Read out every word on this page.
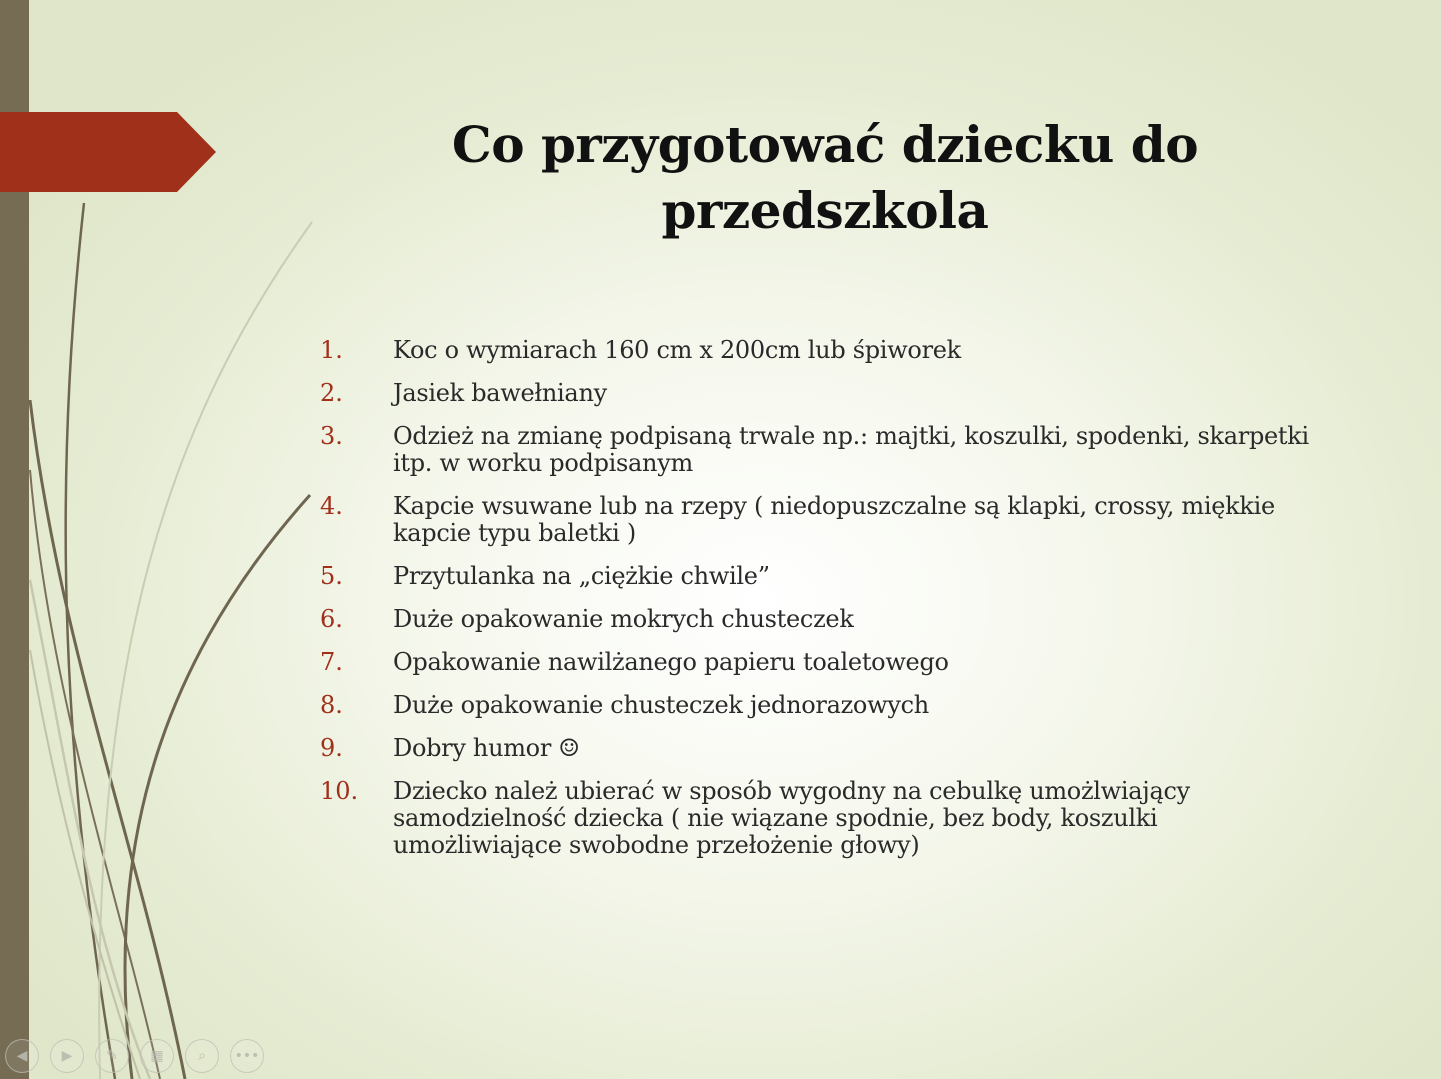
Co przygotować dziecku do
przedszkola
1.	Koc o wymiarach 160 cm x 200cm lub śpiworek
2.	Jasiek bawełniany
3.	Odzież na zmianę podpisaną trwale np.: majtki, koszulki, spodenki, skarpetki itp. w worku podpisanym
4.	Kapcie wsuwane lub na rzepy ( niedopuszczalne są klapki, crossy, miękkie kapcie typu baletki )
5.	Przytulanka na „ciężkie chwile”
6.	Duże opakowanie mokrych chusteczek
7.	Opakowanie nawilżanego papieru toaletowego
8.	Duże opakowanie chusteczek jednorazowych
9.	Dobry humor ☺
10.	Dziecko należ ubierać w sposób wygodny na cebulkę umożlwiający samodzielność dziecka ( nie wiązane spodnie, bez body, koszulki umożliwiające swobodne przełożenie głowy)
◀ ▶ ✎ ▦ ⌕ •••
